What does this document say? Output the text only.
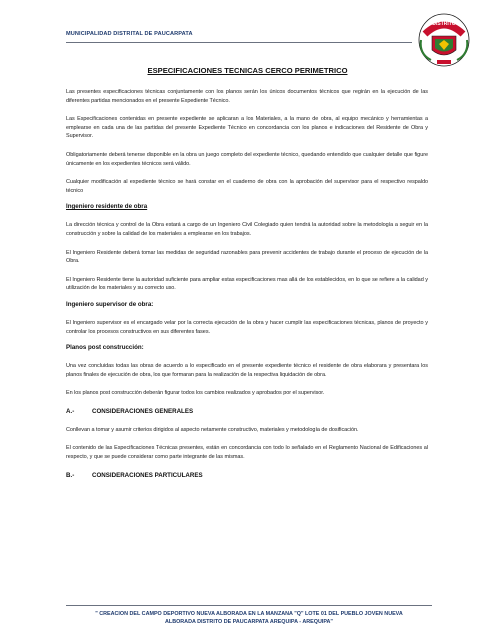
MUNICIPALIDAD DISTRITAL DE PAUCARPATA
DISTRITO
ESPECIFICACIONES TECNICAS CERCO PERIMETRICO

Las presentes especificaciones técnicas conjuntamente con los planos serán los únicos documentos técnicos que regirán en la ejecución de las diferentes partidas mencionados en el presente Expediente Técnico.

Las Especificaciones contenidas en presente expediente se aplicaran a los Materiales, a la mano de obra, al equipo mecánico y herramientas a emplearse en cada una de las partidas del presente Expediente Técnico en concordancia con los planos e indicaciones del Residente de Obra y Supervisor.

Obligatoriamente deberá tenerse disponible en la obra un juego completo del expediente técnico, quedando entendido que cualquier detalle que figure únicamente en los expedientes técnicos será válido.

Cualquier modificación al expediente técnico se hará constar en el cuaderno de obra con la aprobación del supervisor para el respectivo respaldo técnico

Ingeniero residente de obra

La dirección técnica y control de la Obra estará a cargo de un Ingeniero Civil Colegiado quien tendrá la autoridad sobre la metodología a seguir en la construcción y sobre la calidad de los materiales a emplearse en los trabajos.

El Ingeniero Residente deberá tomar las medidas de seguridad razonables para prevenir accidentes de trabajo durante el proceso de ejecución de la Obra.

El Ingeniero Residente tiene la autoridad suficiente para ampliar estas especificaciones mas allá de los establecidos, en lo que se refiere a la calidad y utilización de los materiales y su correcto uso.

Ingeniero supervisor de obra:

El Ingeniero supervisor es el encargado velar por la correcta ejecución de la obra y hacer cumplir las especificaciones técnicas, planos de proyecto y controlar los procesos constructivos en sus diferentes fases.

Planos post construcción:

Una vez concluidas todas las obras de acuerdo a lo especificado en el presente expediente técnico el residente de obra elaborara y presentara los planos finales de ejecución de obra, los que formaran para la realización de la respectiva liquidación de obra.

En los planos post construcción deberán figurar todos los cambios realizados y aprobados por el supervisor.

A.-	CONSIDERACIONES GENERALES

Conllevan a tomar y asumir criterios dirigidos al aspecto netamente constructivo, materiales y metodología de dosificación.

El contenido de las Especificaciones Técnicas presentes, están en concordancia con todo lo señalado en el Reglamento Nacional de Edificaciones al respecto, y que se puede considerar como parte integrante de las mismas.

B.-	CONSIDERACIONES PARTICULARES

" CREACION DEL CAMPO DEPORTIVO NUEVA ALBORADA EN LA MANZANA "Q" LOTE 01 DEL PUEBLO JOVEN NUEVA
ALBORADA DISTRITO DE PAUCARPATA AREQUIPA - AREQUIPA"
